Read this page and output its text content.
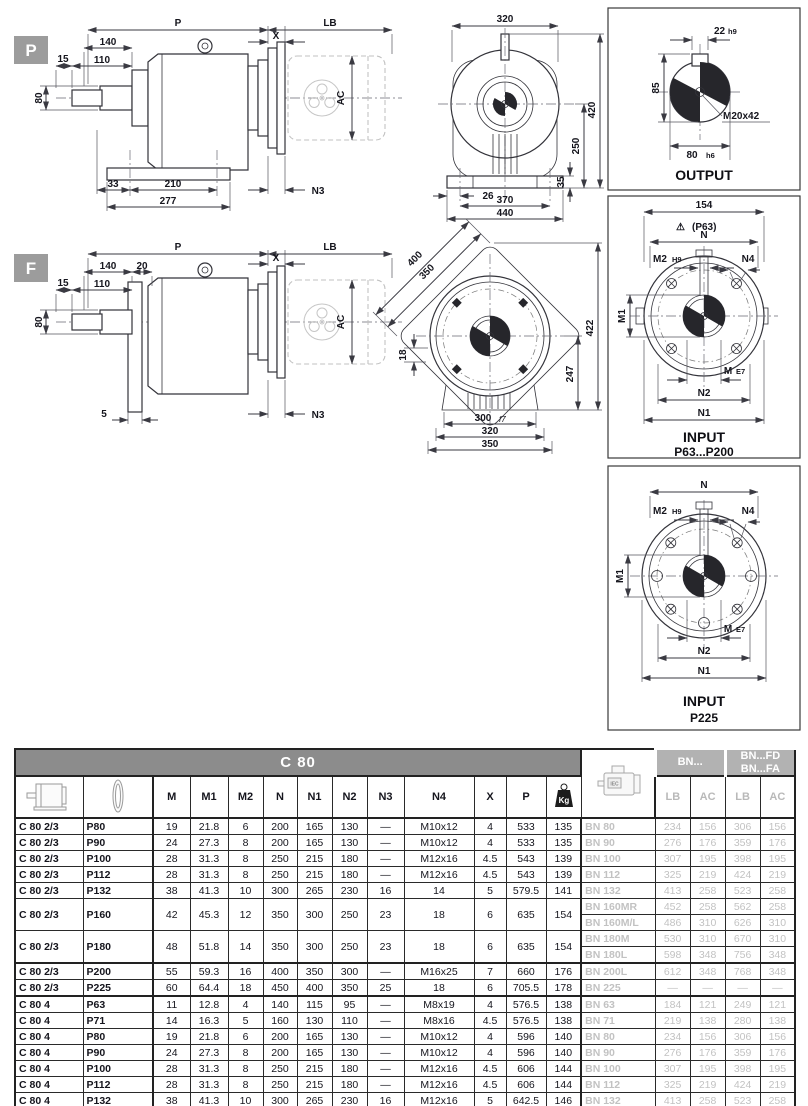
P
P	LB
X
140
110
15
80
33	210
277
N3
AC
320
26 370
440
35
250
420
22 h9
85
M20x42
80 h6
OUTPUT
F
P	LB
X
140 20
110
15
80
5	N3
AC
400
350
18
422
247
300 f7
320
350
154
⚠ (P63)
N
M2 H9	N4
M1
M E7
N2
N1
INPUT
P63...P200
N
M2 H9	N4
M1
M E7
N2
N1
INPUT
P225
C 80													IEC	BN...		BN...FD
BN...FA	

		M	M1	M2	N	N1	N2	N3	N4	X	P	Kg		LB	AC	LB	AC
C 80 2/3	P80	19	21.8	6	200	165	130	—	M10x12	4	533	135	BN 80	234	156	306	156
C 80 2/3	P90	24	27.3	8	200	165	130	—	M10x12	4	533	135	BN 90	276	176	359	176
C 80 2/3	P100	28	31.3	8	250	215	180	—	M12x16	4.5	543	139	BN 100	307	195	398	195
C 80 2/3	P112	28	31.3	8	250	215	180	—	M12x16	4.5	543	139	BN 112	325	219	424	219
C 80 2/3	P132	38	41.3	10	300	265	230	16	14	5	579.5	141	BN 132	413	258	523	258
C 80 2/3	P160	42	45.3	12	350	300	250	23	18	6	635	154	BN 160MR	452	258	562	258
													BN 160M/L	486	310	626	310
C 80 2/3	P180	48	51.8	14	350	300	250	23	18	6	635	154	BN 180M	530	310	670	310
													BN 180L	598	348	756	348
C 80 2/3	P200	55	59.3	16	400	350	300	—	M16x25	7	660	176	BN 200L	612	348	768	348
C 80 2/3	P225	60	64.4	18	450	400	350	25	18	6	705.5	178	BN 225	—	—	—	—
C 80 4	P63	11	12.8	4	140	115	95	—	M8x19	4	576.5	138	BN 63	184	121	249	121
C 80 4	P71	14	16.3	5	160	130	110	—	M8x16	4.5	576.5	138	BN 71	219	138	280	138
C 80 4	P80	19	21.8	6	200	165	130	—	M10x12	4	596	140	BN 80	234	156	306	156
C 80 4	P90	24	27.3	8	200	165	130	—	M10x12	4	596	140	BN 90	276	176	359	176
C 80 4	P100	28	31.3	8	250	215	180	—	M12x16	4.5	606	144	BN 100	307	195	398	195
C 80 4	P112	28	31.3	8	250	215	180	—	M12x16	4.5	606	144	BN 112	325	219	424	219
C 80 4	P132	38	41.3	10	300	265	230	16	M12x16	5	642.5	146	BN 132	413	258	523	258
